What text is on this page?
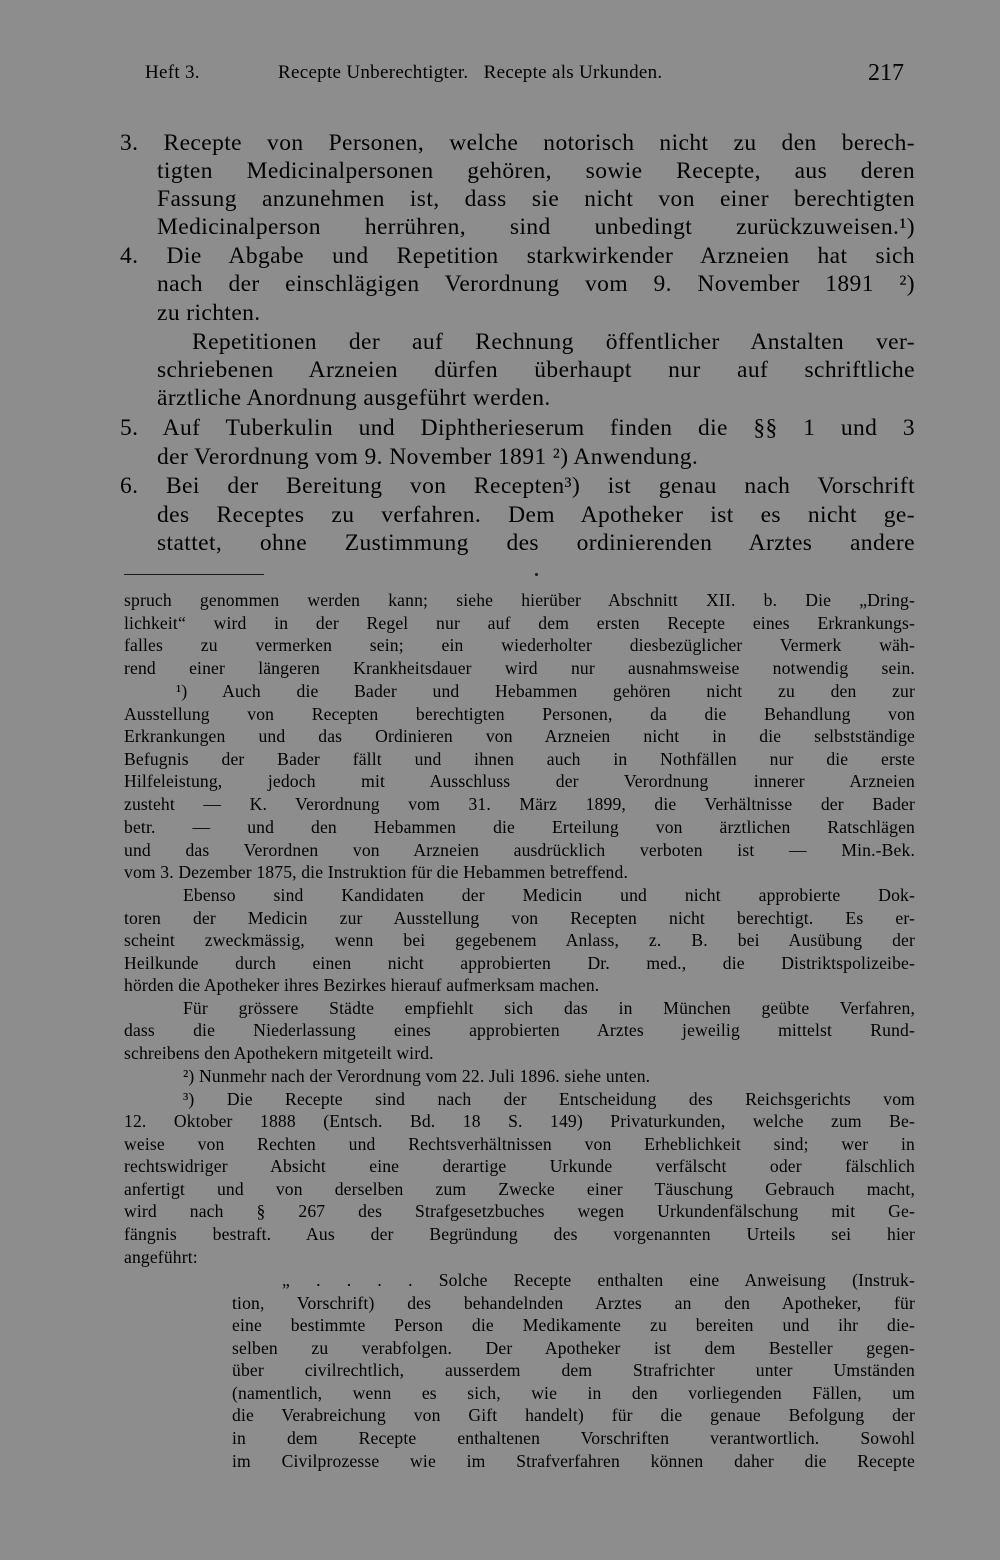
Heft 3.	Recepte Unberechtigter.   Recepte als Urkunden.	217
3. Recepte von Personen, welche notorisch nicht zu den berech-
tigten Medicinalpersonen gehören, sowie Recepte, aus deren
Fassung anzunehmen ist, dass sie nicht von einer berechtigten
Medicinalperson herrühren, sind unbedingt zurückzuweisen.¹)
4. Die Abgabe und Repetition starkwirkender Arzneien hat sich
nach der einschlägigen Verordnung vom 9. November 1891 ²)
zu richten.
Repetitionen der auf Rechnung öffentlicher Anstalten ver-
schriebenen Arzneien dürfen überhaupt nur auf schriftliche
ärztliche Anordnung ausgeführt werden.
5. Auf Tuberkulin und Diphtherieserum finden die §§ 1 und 3
der Verordnung vom 9. November 1891 ²) Anwendung.
6. Bei der Bereitung von Recepten³) ist genau nach Vorschrift
des Receptes zu verfahren. Dem Apotheker ist es nicht ge-
stattet, ohne Zustimmung des ordinierenden Arztes andere
spruch genommen werden kann; siehe hierüber Abschnitt XII. b. Die „Dring-
lichkeit“ wird in der Regel nur auf dem ersten Recepte eines Erkrankungs-
falles zu vermerken sein; ein wiederholter diesbezüglicher Vermerk wäh-
rend einer längeren Krankheitsdauer wird nur ausnahmsweise notwendig sein.
¹) Auch die Bader und Hebammen gehören nicht zu den zur
Ausstellung von Recepten berechtigten Personen, da die Behandlung von
Erkrankungen und das Ordinieren von Arzneien nicht in die selbstständige
Befugnis der Bader fällt und ihnen auch in Nothfällen nur die erste
Hilfeleistung, jedoch mit Ausschluss der Verordnung innerer Arzneien
zusteht — K. Verordnung vom 31. März 1899, die Verhältnisse der Bader
betr. — und den Hebammen die Erteilung von ärztlichen Ratschlägen
und das Verordnen von Arzneien ausdrücklich verboten ist — Min.-Bek.
vom 3. Dezember 1875, die Instruktion für die Hebammen betreffend.
Ebenso sind Kandidaten der Medicin und nicht approbierte Dok-
toren der Medicin zur Ausstellung von Recepten nicht berechtigt. Es er-
scheint zweckmässig, wenn bei gegebenem Anlass, z. B. bei Ausübung der
Heilkunde durch einen nicht approbierten Dr. med., die Distriktspolizeibe-
hörden die Apotheker ihres Bezirkes hierauf aufmerksam machen.
Für grössere Städte empfiehlt sich das in München geübte Verfahren,
dass die Niederlassung eines approbierten Arztes jeweilig mittelst Rund-
schreibens den Apothekern mitgeteilt wird.
²) Nunmehr nach der Verordnung vom 22. Juli 1896. siehe unten.
³) Die Recepte sind nach der Entscheidung des Reichsgerichts vom
12. Oktober 1888 (Entsch. Bd. 18 S. 149) Privaturkunden, welche zum Be-
weise von Rechten und Rechtsverhältnissen von Erheblichkeit sind; wer in
rechtswidriger Absicht eine derartige Urkunde verfälscht oder fälschlich
anfertigt und von derselben zum Zwecke einer Täuschung Gebrauch macht,
wird nach § 267 des Strafgesetzbuches wegen Urkundenfälschung mit Ge-
fängnis bestraft. Aus der Begründung des vorgenannten Urteils sei hier
angeführt:
„ . . . . Solche Recepte enthalten eine Anweisung (Instruk-
tion, Vorschrift) des behandelnden Arztes an den Apotheker, für
eine bestimmte Person die Medikamente zu bereiten und ihr die-
selben zu verabfolgen. Der Apotheker ist dem Besteller gegen-
über civilrechtlich, ausserdem dem Strafrichter unter Umständen
(namentlich, wenn es sich, wie in den vorliegenden Fällen, um
die Verabreichung von Gift handelt) für die genaue Befolgung der
in dem Recepte enthaltenen Vorschriften verantwortlich. Sowohl
im Civilprozesse wie im Strafverfahren können daher die Recepte
